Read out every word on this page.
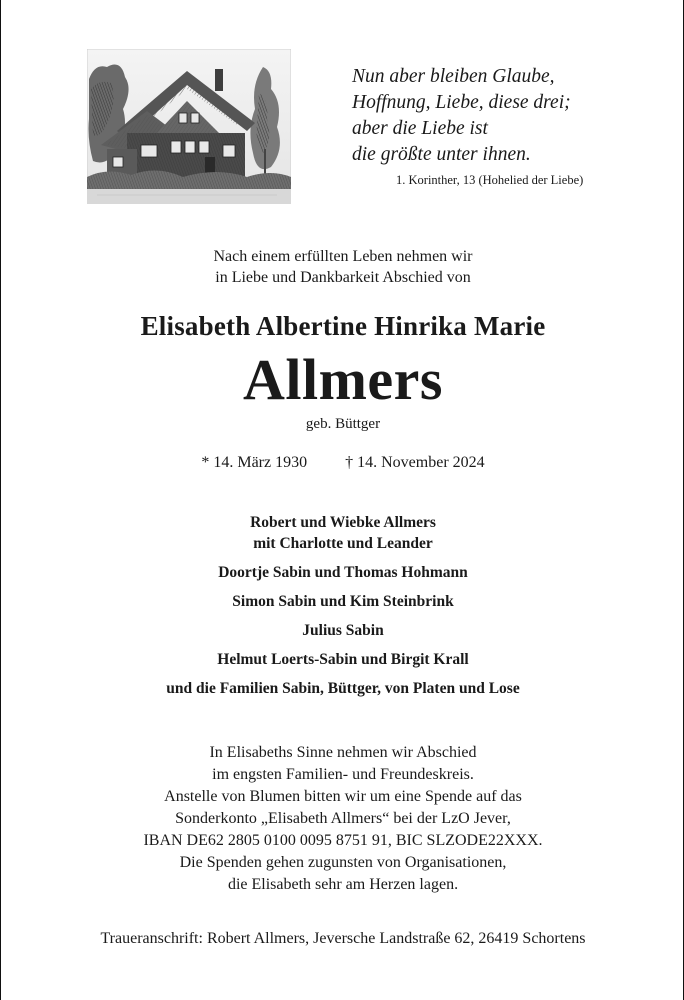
Nun aber bleiben Glaube,
Hoffnung, Liebe, diese drei;
aber die Liebe ist
die größte unter ihnen.
1. Korinther, 13 (Hohelied der Liebe)
Nach einem erfüllten Leben nehmen wir
in Liebe und Dankbarkeit Abschied von
Elisabeth Albertine Hinrika Marie
Allmers
geb. Büttger
* 14. März 1930 † 14. November 2024
Robert und Wiebke Allmers
mit Charlotte und Leander
Doortje Sabin und Thomas Hohmann
Simon Sabin und Kim Steinbrink
Julius Sabin
Helmut Loerts-Sabin und Birgit Krall
und die Familien Sabin, Büttger, von Platen und Lose
In Elisabeths Sinne nehmen wir Abschied
im engsten Familien- und Freundeskreis.
Anstelle von Blumen bitten wir um eine Spende auf das
Sonderkonto „Elisabeth Allmers“ bei der LzO Jever,
IBAN DE62 2805 0100 0095 8751 91, BIC SLZODE22XXX.
Die Spenden gehen zugunsten von Organisationen,
die Elisabeth sehr am Herzen lagen.
Traueranschrift: Robert Allmers, Jeversche Landstraße 62, 26419 Schortens
